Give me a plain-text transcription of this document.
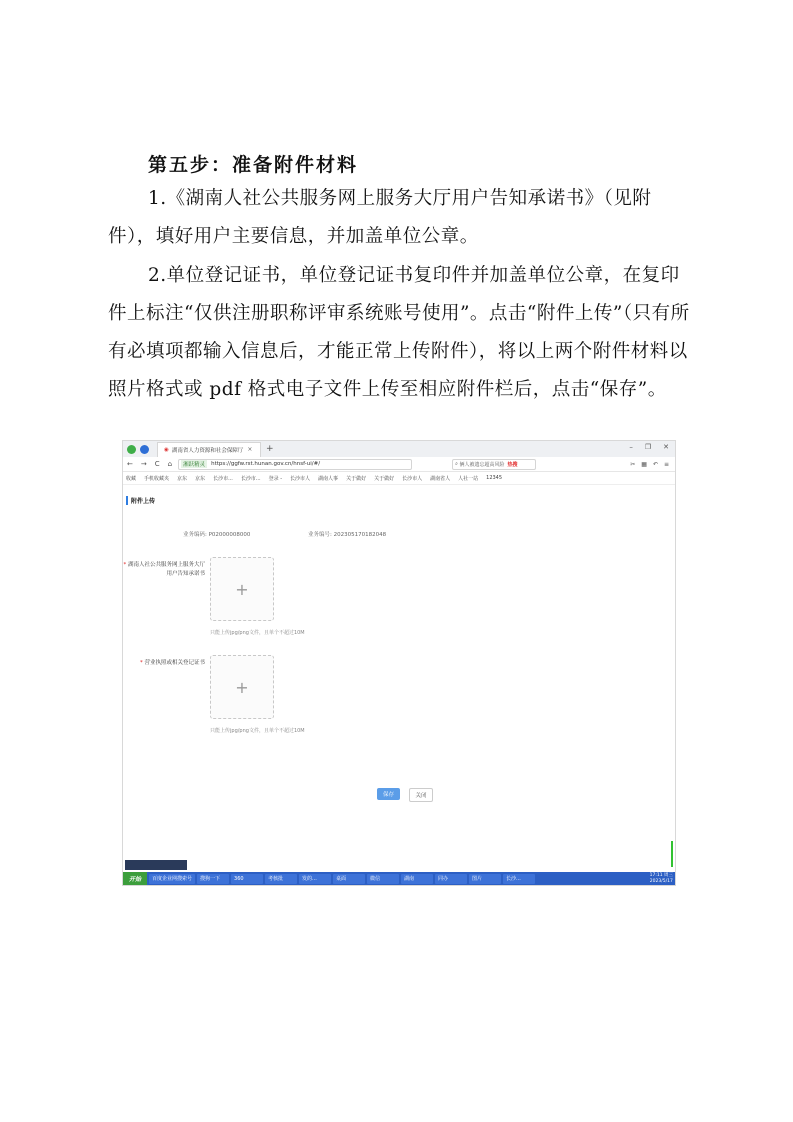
第五步：准备附件材料
1.《湖南人社公共服务网上服务大厅用户告知承诺书》（见附件），填好用户主要信息，并加盖单位公章。
2.单位登记证书，单位登记证书复印件并加盖单位公章，在复印件上标注“仅供注册职称评审系统账号使用”。点击“附件上传”（只有所有必填项都输入信息后，才能正常上传附件），将以上两个附件材料以照片格式或 pdf 格式电子文件上传至相应附件栏后，点击“保存”。
◉ 湖南省人力资源和社会保障厅 × +	– ❐ ✕
← → C ⌂	湘跃精灵	https://ggfw.rst.hunan.gov.cn/hnsf-ui/#/	⌕ 俩人被遗忘超高风险 热搜	✂ ▦ ↶ ≡
收藏 手机收藏夹 京东 京东 长沙市... 长沙市... 登录 - 长沙市人 湖南人事 关于做好 关于做好 长沙市人 湖南省人 人社一站 12345
附件上传
业务编码: P02000008000	业务编号: 202305170182048
* 湖南人社公共服务网上服务大厅用户告知承诺书
+
只能上传jpg/png文件，且单个不超过10M
* 营业执照或相关登记证书
+
只能上传jpg/png文件，且单个不超过10M
保存	关闭
开始	百度企业网搜索号	搜狗一下	360	考核批	发的...	桌面	微信	湖南	同办	图片	长沙...
17:11 周三
2023/5/17
